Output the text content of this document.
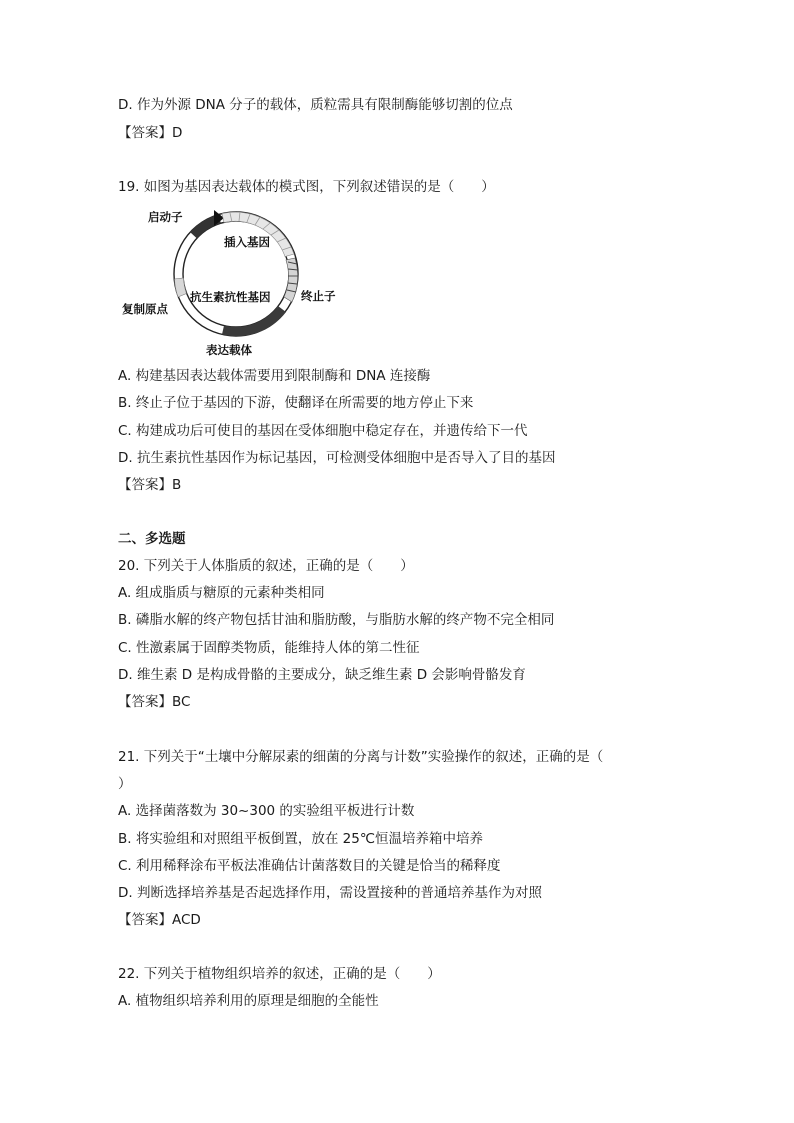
D. 作为外源 DNA 分子的载体，质粒需具有限制酶能够切割的位点
【答案】D
19. 如图为基因表达载体的模式图，下列叙述错误的是（　　）
启动子
插入基因
终止子
抗生素抗性基因
复制原点
表达载体
A. 构建基因表达载体需要用到限制酶和 DNA 连接酶
B. 终止子位于基因的下游，使翻译在所需要的地方停止下来
C. 构建成功后可使目的基因在受体细胞中稳定存在，并遗传给下一代
D. 抗生素抗性基因作为标记基因，可检测受体细胞中是否导入了目的基因
【答案】B
二、多选题
20. 下列关于人体脂质的叙述，正确的是（　　）
A. 组成脂质与糖原的元素种类相同
B. 磷脂水解的终产物包括甘油和脂肪酸，与脂肪水解的终产物不完全相同
C. 性激素属于固醇类物质，能维持人体的第二性征
D. 维生素 D 是构成骨骼的主要成分，缺乏维生素 D 会影响骨骼发育
【答案】BC
21. 下列关于“土壤中分解尿素的细菌的分离与计数”实验操作的叙述，正确的是（
）
A. 选择菌落数为 30~300 的实验组平板进行计数
B. 将实验组和对照组平板倒置，放在 25℃恒温培养箱中培养
C. 利用稀释涂布平板法准确估计菌落数目的关键是恰当的稀释度
D. 判断选择培养基是否起选择作用，需设置接种的普通培养基作为对照
【答案】ACD
22. 下列关于植物组织培养的叙述，正确的是（　　）
A. 植物组织培养利用的原理是细胞的全能性
